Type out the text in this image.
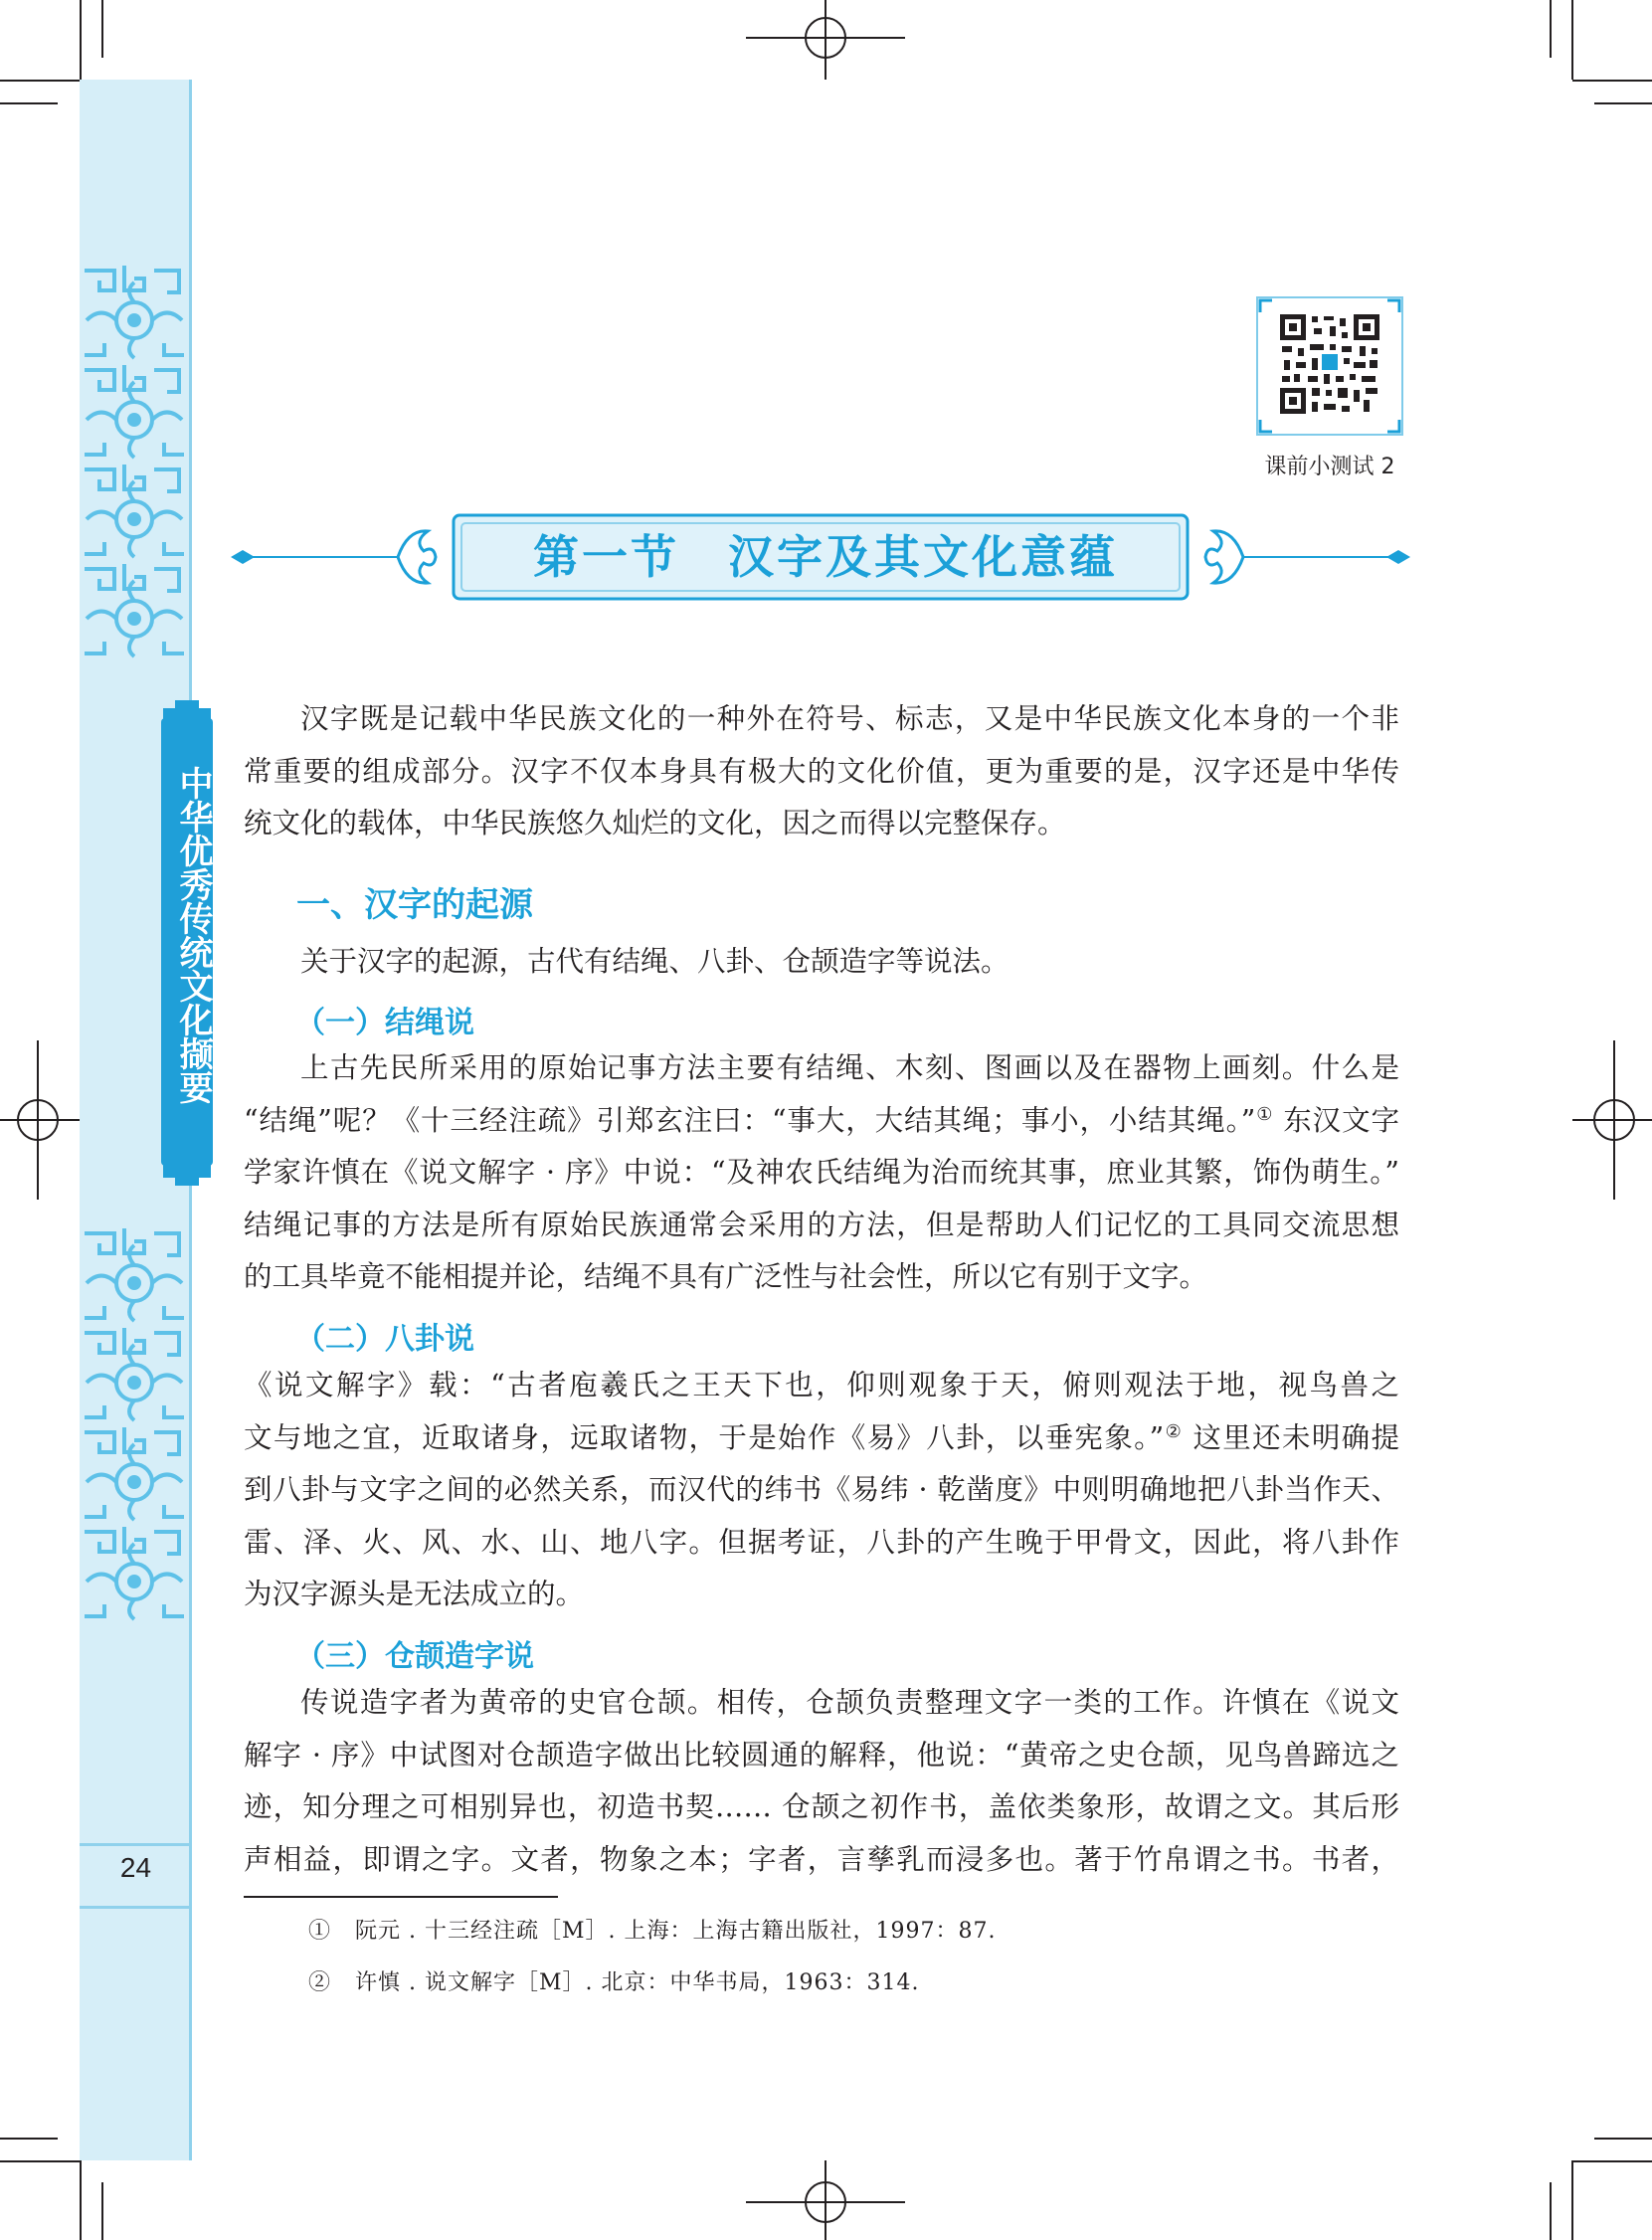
中华优秀传统文化撷要
24
课前小测试 2
第一节　汉字及其文化意蕴
汉字既是记载中华民族文化的一种外在符号、标志，又是中华民族文化本身的一个非
常重要的组成部分。汉字不仅本身具有极大的文化价值，更为重要的是，汉字还是中华传
统文化的载体，中华民族悠久灿烂的文化，因之而得以完整保存。
一、汉字的起源
关于汉字的起源，古代有结绳、八卦、仓颉造字等说法。
（一）结绳说
上古先民所采用的原始记事方法主要有结绳、木刻、图画以及在器物上画刻。什么是
“结绳”呢？《十三经注疏》引郑玄注曰：“事大，大结其绳；事小，小结其绳。”① 东汉文字
学家许慎在《说文解字 · 序》中说：“及神农氏结绳为治而统其事，庶业其繁，饰伪萌生。”
结绳记事的方法是所有原始民族通常会采用的方法，但是帮助人们记忆的工具同交流思想
的工具毕竟不能相提并论，结绳不具有广泛性与社会性，所以它有别于文字。
（二）八卦说
《说文解字》载：“古者庖羲氏之王天下也，仰则观象于天，俯则观法于地，视鸟兽之
文与地之宜，近取诸身，远取诸物，于是始作《易》八卦，以垂宪象。”② 这里还未明确提
到八卦与文字之间的必然关系，而汉代的纬书《易纬 · 乾凿度》中则明确地把八卦当作天、
雷、泽、火、风、水、山、地八字。但据考证，八卦的产生晚于甲骨文，因此，将八卦作
为汉字源头是无法成立的。
（三）仓颉造字说
传说造字者为黄帝的史官仓颉。相传，仓颉负责整理文字一类的工作。许慎在《说文
解字 · 序》中试图对仓颉造字做出比较圆通的解释，他说：“黄帝之史仓颉，见鸟兽蹄迒之
迹，知分理之可相别异也，初造书契…… 仓颉之初作书，盖依类象形，故谓之文。其后形
声相益，即谓之字。文者，物象之本；字者，言孳乳而浸多也。著于竹帛谓之书。书者，
① 阮元 . 十三经注疏［M］. 上海：上海古籍出版社，1997：87.
② 许慎 . 说文解字［M］. 北京：中华书局，1963：314.
